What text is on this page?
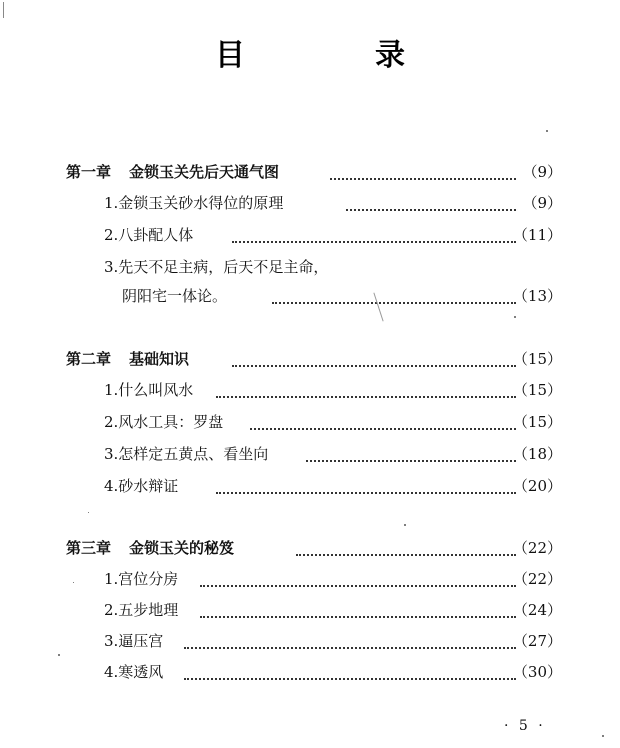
目　录
第一章 金锁玉关先后天通气图	（9）
1.金锁玉关砂水得位的原理	（9）
2.八卦配人体	（11）
3.先天不足主病，后天不足主命，
阴阳宅一体论。	（13）
第二章 基础知识	（15）
1.什么叫风水	（15）
2.风水工具：罗盘	（15）
3.怎样定五黄点、看坐向	（18）
4.砂水辩证	（20）
第三章 金锁玉关的秘笈	（22）
1.宫位分房	（22）
2.五步地理	（24）
3.逼压宫	（27）
4.寒透风	（30）
· 5 ·
